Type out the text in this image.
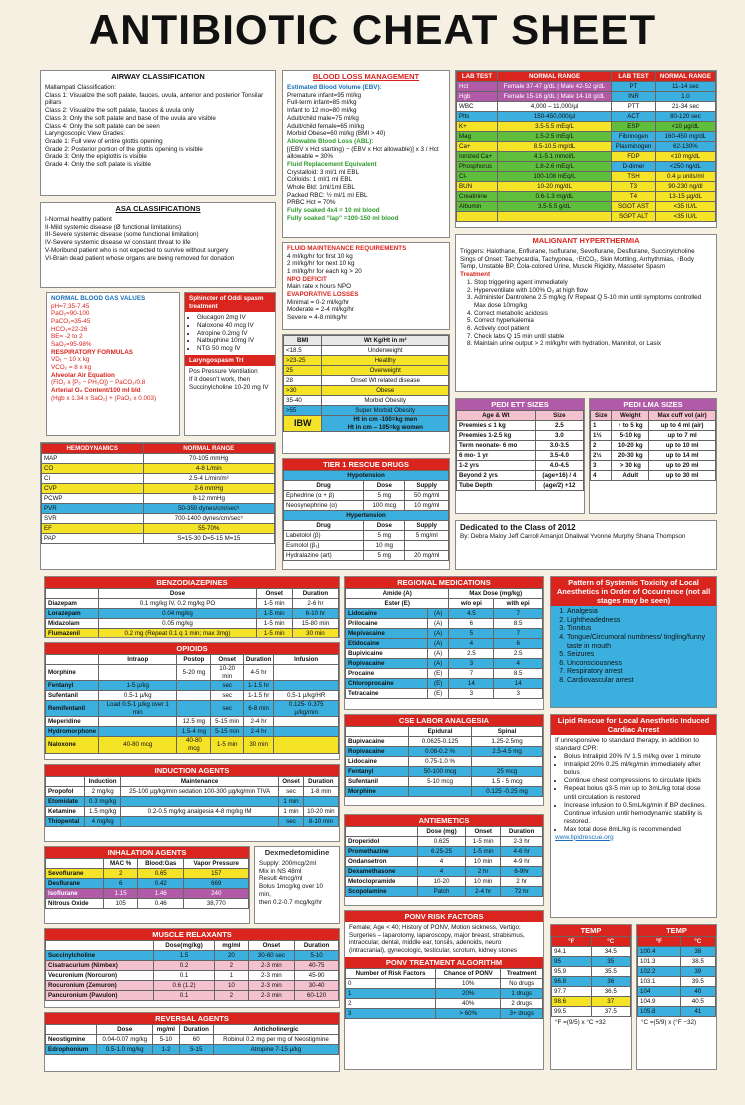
ANTIBIOTIC CHEAT SHEET
AIRWAY CLASSIFICATION
Mallampati Classification:
Class 1: Visualize the soft palate, fauces, uvula, anterior and posterior Tonsilar pillars
Class 2: Visualize the soft palate, fauces & uvula only
Class 3: Only the soft palate and base of the uvula are visible
Class 4: Only the soft palate can be seen
Laryngoscopic View Grades:
Grade 1: Full view of entire glottis opening
Grade 2: Posterior portion of the glottis opening is visible
Grade 3: Only the epiglottis is visible
Grade 4: Only the soft palate is visible
ASA CLASSIFICATIONS
I-Normal healthy patient
II-Mild systemic disease (Ø functional limitations)
III-Severe systemic disease (some functional limitation)
IV-Severe systemic disease w/ constant threat to life
V-Moribund patient who is not expected to survive without surgery
VI-Brain dead patient whose organs are being removed for donation
BLOOD LOSS MANAGEMENT
Estimated Blood Volume (EBV):
Premature infant=95 ml/kg
Full-term infant=85 ml/kg
Infant to 12 mo=80 ml/kg
Adult/child male=75 ml/kg
Adult/child female=65 ml/kg
Morbid Obese=60 ml/kg (BMI > 40)
Allowable Blood Loss (ABL):
[(EBV x Hct starting) − (EBV x Hct allowable)] x 3 / Hct allowable = 30%
Fluid Replacement Equivalent
Crystalloid: 3 ml/1 ml EBL
Colloids: 1 ml/1 ml EBL
Whole Bld: 1ml/1ml EBL
Packed RBC: ½ ml/1 ml EBL
PRBC Hct = 70%
Fully soaked 4x4 = 10 ml blood
Fully soaked "lap" =100-150 ml blood
LAB TEST	NORMAL RANGE	LAB TEST	NORMAL RANGE
Hct	Female 37-47 g/dL | Male 42-52 g/dL	PT	11-14 sec
Hgb	Female 15-16 g/dL | Male 14-18 g/dL	INR	1.0
WBC	4,000 – 11,000/µl	PTT	21-34 sec
Plts	150-450,000/µl	ACT	80-120 sec
K+	3.5-5.5 mEq/L	ESP	<10 µg/dL
Mag	1.5-2.5 mEq/L	Fibrinogen	160-450 mg/dL
Ca+	8.5-10.5 mg/dL	Plasminogen	62-130%
Ionized Ca+	4.1-5.1 mmol/L	FDP	<10 mg/dL
Phosphorus	1.8-2.6 mEq/L	D-dimer	<250 ng/dL
Cl-	100-108 mEq/L	TSH	0.4 µ units/ml
BUN	10-20 mg/dL	T3	90-230 ng/dl
Creatinine	0.6-1.3 mg/dL	T4	13-15 µg/dL
Albumin	3.5-5.5 g/dL	SGOT AST	<35 IU/L
		SGPT ALT	<35 IU/L
NORMAL BLOOD GAS VALUES
pH=7.35-7.45
PaO₂=90-100
PaCO₂=35-45
HCO₃=22-26
BE= -2 to 2
SaO₂=95-98%
RESPIRATORY FORMULAS
VD₁ − 10 x kg
VCO₂ = 8 x kg
Alveolar Air Equation
(FiO₂ x [P₆ − PH₂O]) − PaCO₂/0.8
Arterial O₂ Content/100 ml bld
(Hgb x 1.34 x SaO₂) + (PaO₂ x 0.003)
Sphincter of Oddi spasm treatment
• Glucagon 2mg IV
• Naloxone 40 mcg IV
• Atropine 0.2mg IV
• Nalbuphine 10mg IV
• NTG 50 mcg IV
Laryngospasm Trt
Pos Pressure Ventilation
If it doesn't work, then Succinylcholine 10-20 mg IV
FLUID MAINTENANCE REQUIREMENTS
4 ml/kg/hr for first 10 kg
2 ml/kg/hr for next 10 kg
1 ml/kg/hr for each kg > 20
NPO DEFICIT
Main rate x hours NPO
EVAPORATIVE LOSSES
Minimal = 0-2 ml/kg/hr
Moderate = 2-4 ml/kg/hr
Severe = 4-8 ml/kg/hr
MALIGNANT HYPERTHERMIA
Triggers: Halothane, Enflurane, Isoflurane, Sevoflurane, Desflurane, Succinylcholine
Sings of Onset: Tachycardia, Tachypnea, ↑EtCO₂, Skin Mottling, Arrhythmias, ↑Body Temp, Unstable BP, Cola-colored Urine, Muscle Rigidity, Masseter Spasm
Treatment
1. Stop triggering agent immediately
2. Hyperventilate with 100% O₂ at high flow
3. Administer Dantrolene 2.5 mg/kg IV Repeat Q 5-10 min until symptoms controlled Max dose 10mg/kg
4. Correct metabolic acidosis
5. Correct hyperkalemia
6. Actively cool patient
7. Check labs Q 15 min until stable
8. Maintain urine output > 2 ml/kg/hr with hydration, Mannitol, or Lasix
BMI	Wt Kg/Ht in m²
<18.5	Underweight
>23-25	Healthy
25	Overweight
28	Onset Wt related disease
>30	Obese
35-40	Morbid Obesity
>55	Super Morbid Obesity
IBW	Ht in cm -100=kg men
Ht in cm – 105=kg women
HEMODYNAMICS	NORMAL RANGE
MAP	70-105 mmHg
CO	4-8 L/min
CI	2.5-4 L/min/m²
CVP	2-6 mmHg
PCWP	8-12 mmHg
PVR	50-350 dynes/cm/sec⁵
SVR	700-1400 dynes/cm/sec⁵
EF	55-70%
PAP	S=15-30 D=5-15 M=15
TIER 1 RESCUE DRUGS
Hypotension		
Drug	Dose	Supply
Ephedrine (α + β)	5 mg	50 mg/ml
Neosynephrine (α)	100 mcg	10 mg/ml
Hypertension		
Drug	Dose	Supply
Labetolol (β)	5 mg	5 mg/ml
Esmolol (β₁)	10 mg	
Hydralazine (art)	5 mg	20 mg/ml
PEDI ETT SIZES
Age & Wt	Size
Preemies ≤ 1 kg	2.5
Preemies 1-2.5 kg	3.0
Term neonate- 6 mo	3.0-3.5
6 mo- 1 yr	3.5-4.0
1-2 yrs	4.0-4.5
Beyond 2 yrs	(age+16) / 4
Tube Depth	(age/2) +12
PEDI LMA SIZES
Size	Weight	Max cuff vol (air)
1	↑ to 5 kg	up to 4 ml (air)
1½	5-10 kg	up to 7 ml
2	10-20 kg	up to 10 ml
2½	20-30 kg	up to 14 ml
3	> 30 kg	up to 20 ml
4	Adult	up to 30 ml
Dedicated to the Class of 2012
By: Debra Maloy Jeff Carroll Amanjot Dhaliwal Yvonne Murphy Shana Thompson
BENZODIAZEPINES
	Dose	Onset	Duration
Diazepam	0.1 mg/kg IV, 0.2 mg/kg PO	1-5 min	2-6 hr
Lorazepam	0.04 mg/kg	1-5 min	6-10 hr
Midazolam	0.05 mg/kg	1-5 min	15-80 min
Flumazenil	0.2 mg (Repeat 0.1 q 1 min; max 3mg)	1-5 min	30 min
OPIOIDS
	Intraop	Postop	Onset	Duration	Infusion
Morphine		5-20 mg	10-20 min	4-5 hr	
Fentanyl	1-5 µ/kg		sec	1-1.5 hr	
Sufentanil	0.5-1 µ/kg		sec	1-1.5 hr	0.5-1 µ/kg/HR
Remifentanil	Load 0.5-1 µ/kg over 1 min		sec	6-8 min	0.125- 0.375 µ/kg/min
Meperidine		12.5 mg	5-15 min	2-4 hr	
Hydromorphone		1.5-4 mg	5-15 min	2-4 hr	
Naloxone	40-80 mcg	40-80 mcg	1-5 min	30 min	
INDUCTION AGENTS
	Induction	Maintenance	Onset	Duration
Propofol	2 mg/kg	25-100 µg/kg/min sedation 100-300 µg/kg/min TIVA	sec	1-8 min
Etomidate	0.3 mg/kg		1 min	
Ketamine	1.5 mg/kg	0.2-0.5 mg/kg analgesia 4-8 mg/kg IM	1 min	10-20 min
Thiopental	4 mg/kg		sec	8-10 min
INHALATION AGENTS
	MAC %	Blood:Gas	Vapor Pressure
Sevoflurane	2	0.65	157
Desflurane	6	0.42	669
Isoflurane	1.15	1.46	240
Nitrous Oxide	105	0.46	38,770
Dexmedetomidine
Supply: 200mcg/2ml
Mix in NS 48ml
Result 4mcg/ml
Bolus 1mcg/kg over 10 min,
then 0.2-0.7 mcg/kg/hr
MUSCLE RELAXANTS
	Dose(mg/kg)	mg/ml	Onset	Duration
Succinylcholine	1.5	20	30-60 sec	5-10
Cisatracurium (Nimbex)	0.2	2	2-3 min	40-75
Vecuronium (Norcuron)	0.1	1	2-3 min	45-90
Rocuronium (Zemuron)	0.6 (1.2)	10	2-3 min	30-40
Pancuronium (Pavulon)	0.1	2	2-3 min	60-120
REVERSAL AGENTS
	Dose	mg/ml	Duration	Anticholinergic
Neostigmine	0.04-0.07 mg/kg	5-10	60	Robinul 0.2 mg per mg of Neostigmine
Edrophonium	0.5-1.0 mg/kg	1-2	5-15	Atropine 7-15 µ/kg
REGIONAL MEDICATIONS
Amide (A)		Max Dose (mg/kg)	
Ester (E)		w/o epi	with epi
Lidocaine	(A)	4.5	7
Prilocaine	(A)	6	8.5
Mepivacaine	(A)	5	7
Etidocaine	(A)	4	6
Bupivicaine	(A)	2.5	2.5
Ropivacaine	(A)	3	4
Procaine	(E)	7	8.5
Chloroprocaine	(E)	14	14
Tetracaine	(E)	3	3
CSE LABOR ANALGESIA
	Epidural	Spinal
Bupivacaine	0.0625-0.125	1.25-2.5mg
Ropivacaine	0.08-0.2 %	2.5-4.5 mg
Lidocaine	0.75-1.0 %	
Fentanyl	50-100 mcg	25 mcg
Sufentanil	5-10 mcg	1.5 - 5 mcg
Morphine		0.125 -0.25 mg
ANTIEMETICS
	Dose (mg)	Onset	Duration
Droperidol	0.625	1-5 min	2-3 hr
Promethazine	6.25-25	1-5 min	4-6 hr
Ondansetron	4	10 min	4-9 hr
Dexamethasone	4	2 hr	6-9hr
Metoclopramide	10-20	10 min	2 hr
Scopolamine	Patch	2-4 hr	72 hr
PONV RISK FACTORS
Female; Age < 40; History of PONV, Motion sickness, Vertigo; Surgeries – laparotomy, laparoscopy, major breast, strabismus, intraocular, dental, middle ear, tonsils, adenoids, neuro (intracranial), gynecologic, testicular, scrotum, kidney stones
PONV TREATMENT ALGORITHM
Number of Risk Factors	Chance of PONV	Treatment
0	10%	No drugs
1	20%	1 drugs
2	40%	2 drugs
3	> 60%	3+ drugs
Pattern of Systemic Toxicity of Local Anesthetics in Order of Occurrence (not all stages may be seen)
1. Analgesia
2. Lightheadedness
3. Tinnitus
4. Tongue/Circumoral numbness/ tingling/funny taste in mouth
5. Seizures
6. Unconsciousness
7. Respiratory arrest
8. Cardiovascular arrest
Lipid Rescue for Local Anesthetic Induced Cardiac Arrest
If unresponsive to standard therapy, in addition to standard CPR:
• Bolus Intralipid 20% IV 1.5 ml/kg over 1 minute
• Intralipid 20% 0.25 ml/kg/min immediately after bolus
• Continue chest compressions to circulate lipids
• Repeat bolus q3-5 min up to 3mL/kg total dose until circulation is restored
• Increase infusion to 0.5mL/kg/min if BP declines. Continue infusion until hemodynamic stability is restored.
• Max total dose 8mL/kg is recommended
www.lipidrescue.org
TEMP
°F	°C
94.1	34.5
95	35
95.9	35.5
96.8	36
97.7	36.5
98.6	37
99.5	37.5
°F =(9/5) x °C +32
TEMP
°F	°C
100.4	38
101.3	38.5
102.2	39
103.1	39.5
104	40
104.9	40.5
105.8	41
°C =(5/9) x (°F −32)
